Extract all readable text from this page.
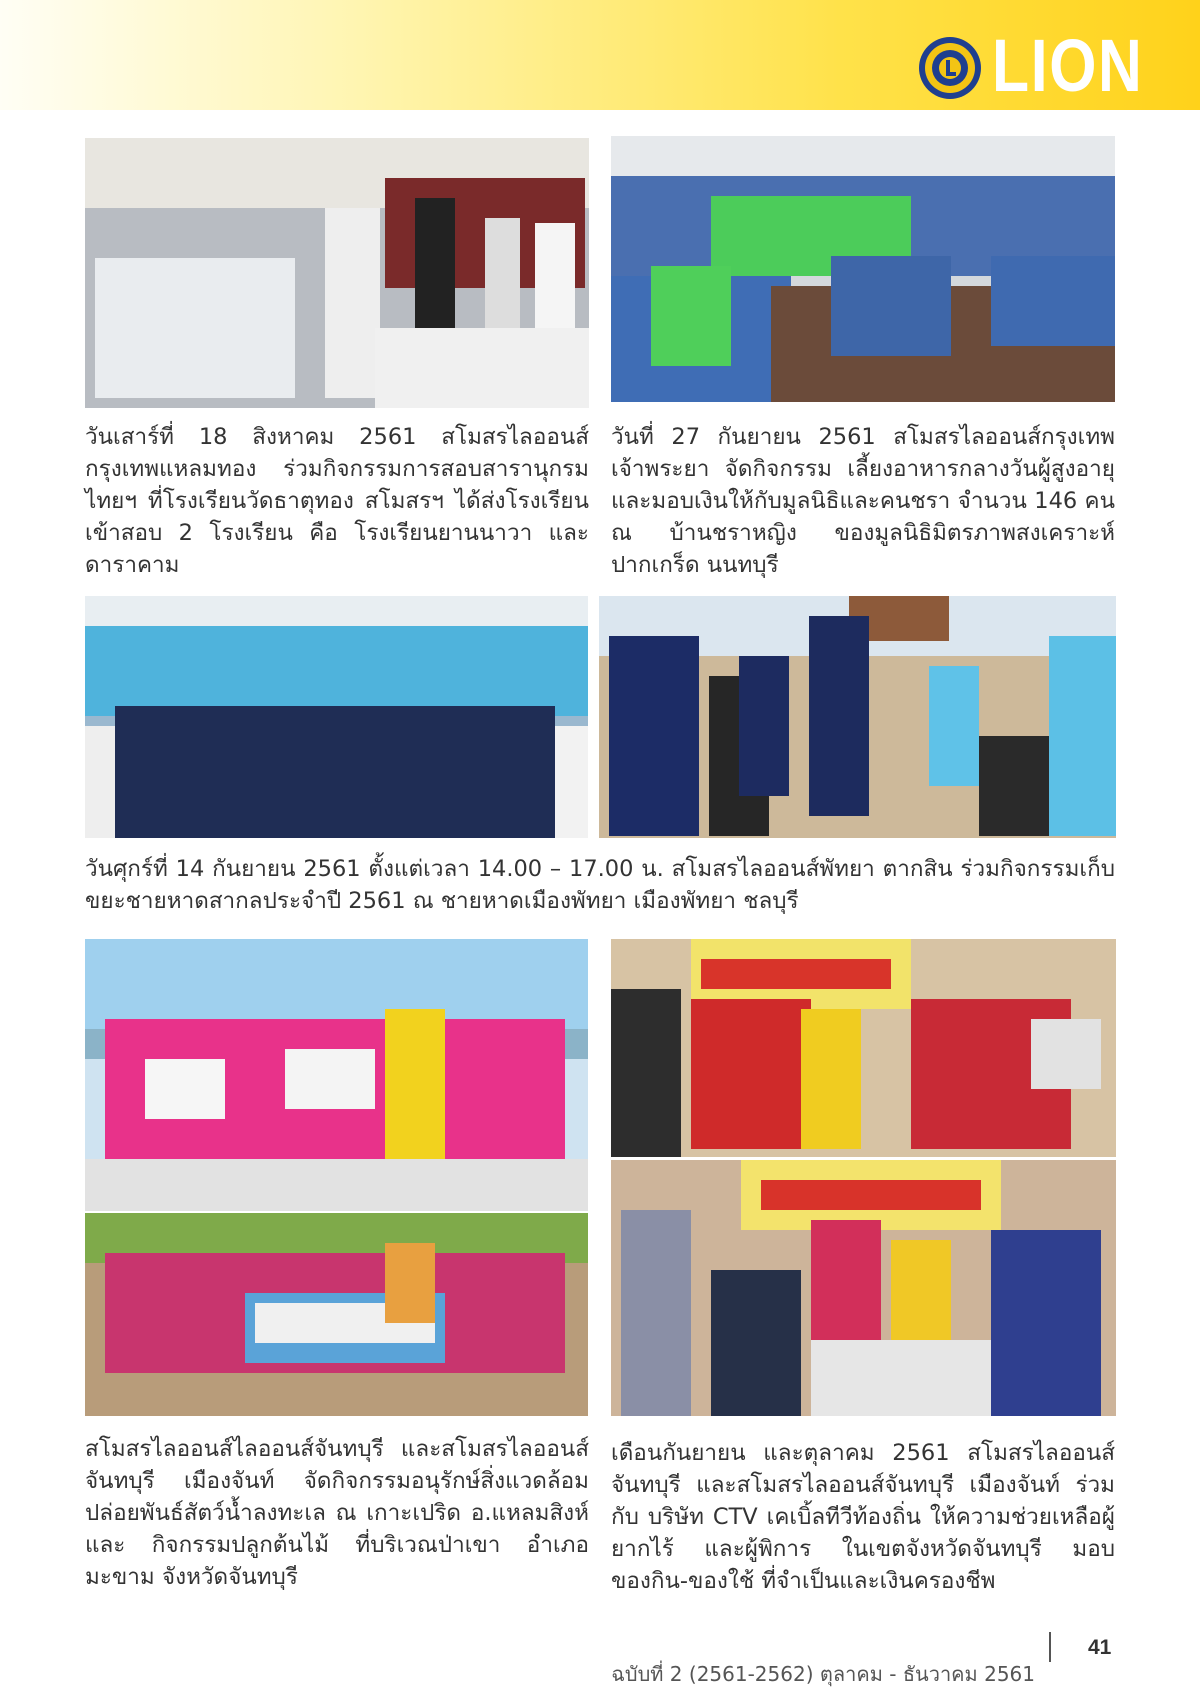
LION

วันเสาร์ที่ 18 สิงหาคม 2561 สโมสรไลออนส์กรุงเทพแหลมทอง ร่วมกิจกรรมการสอบสารานุกรมไทยฯ ที่โรงเรียนวัดธาตุทอง สโมสรฯ ได้ส่งโรงเรียนเข้าสอบ 2 โรงเรียน คือ โรงเรียนยานนาวา และดาราคาม

วันที่ 27 กันยายน 2561 สโมสรไลออนส์กรุงเทพเจ้าพระยา จัดกิจกรรม เลี้ยงอาหารกลางวันผู้สูงอายุและมอบเงินให้กับมูลนิธิและคนชรา จำนวน 146 คน ณ บ้านชราหญิง ของมูลนิธิมิตรภาพสงเคราะห์ ปากเกร็ด นนทบุรี

วันศุกร์ที่ 14 กันยายน 2561 ตั้งแต่เวลา 14.00 – 17.00 น. สโมสรไลออนส์พัทยา ตากสิน ร่วมกิจกรรมเก็บขยะชายหาดสากลประจำปี 2561 ณ ชายหาดเมืองพัทยา เมืองพัทยา ชลบุรี

สโมสรไลออนส์ไลออนส์จันทบุรี และสโมสรไลออนส์จันทบุรี เมืองจันท์ จัดกิจกรรมอนุรักษ์สิ่งแวดล้อม ปล่อยพันธ์สัตว์น้ำลงทะเล ณ เกาะเปริด อ.แหลมสิงห์ และ กิจกรรมปลูกต้นไม้ ที่บริเวณป่าเขา อำเภอมะขาม จังหวัดจันทบุรี

เดือนกันยายน และตุลาคม 2561 สโมสรไลออนส์จันทบุรี และสโมสรไลออนส์จันทบุรี เมืองจันท์ ร่วมกับ บริษัท CTV เคเบิ้ลทีวีท้องถิ่น ให้ความช่วยเหลือผู้ยากไร้ และผู้พิการ ในเขตจังหวัดจันทบุรี มอบของกิน-ของใช้ ที่จำเป็นและเงินครองชีพ

ฉบับที่ 2 (2561-2562) ตุลาคม - ธันวาคม 2561
41
